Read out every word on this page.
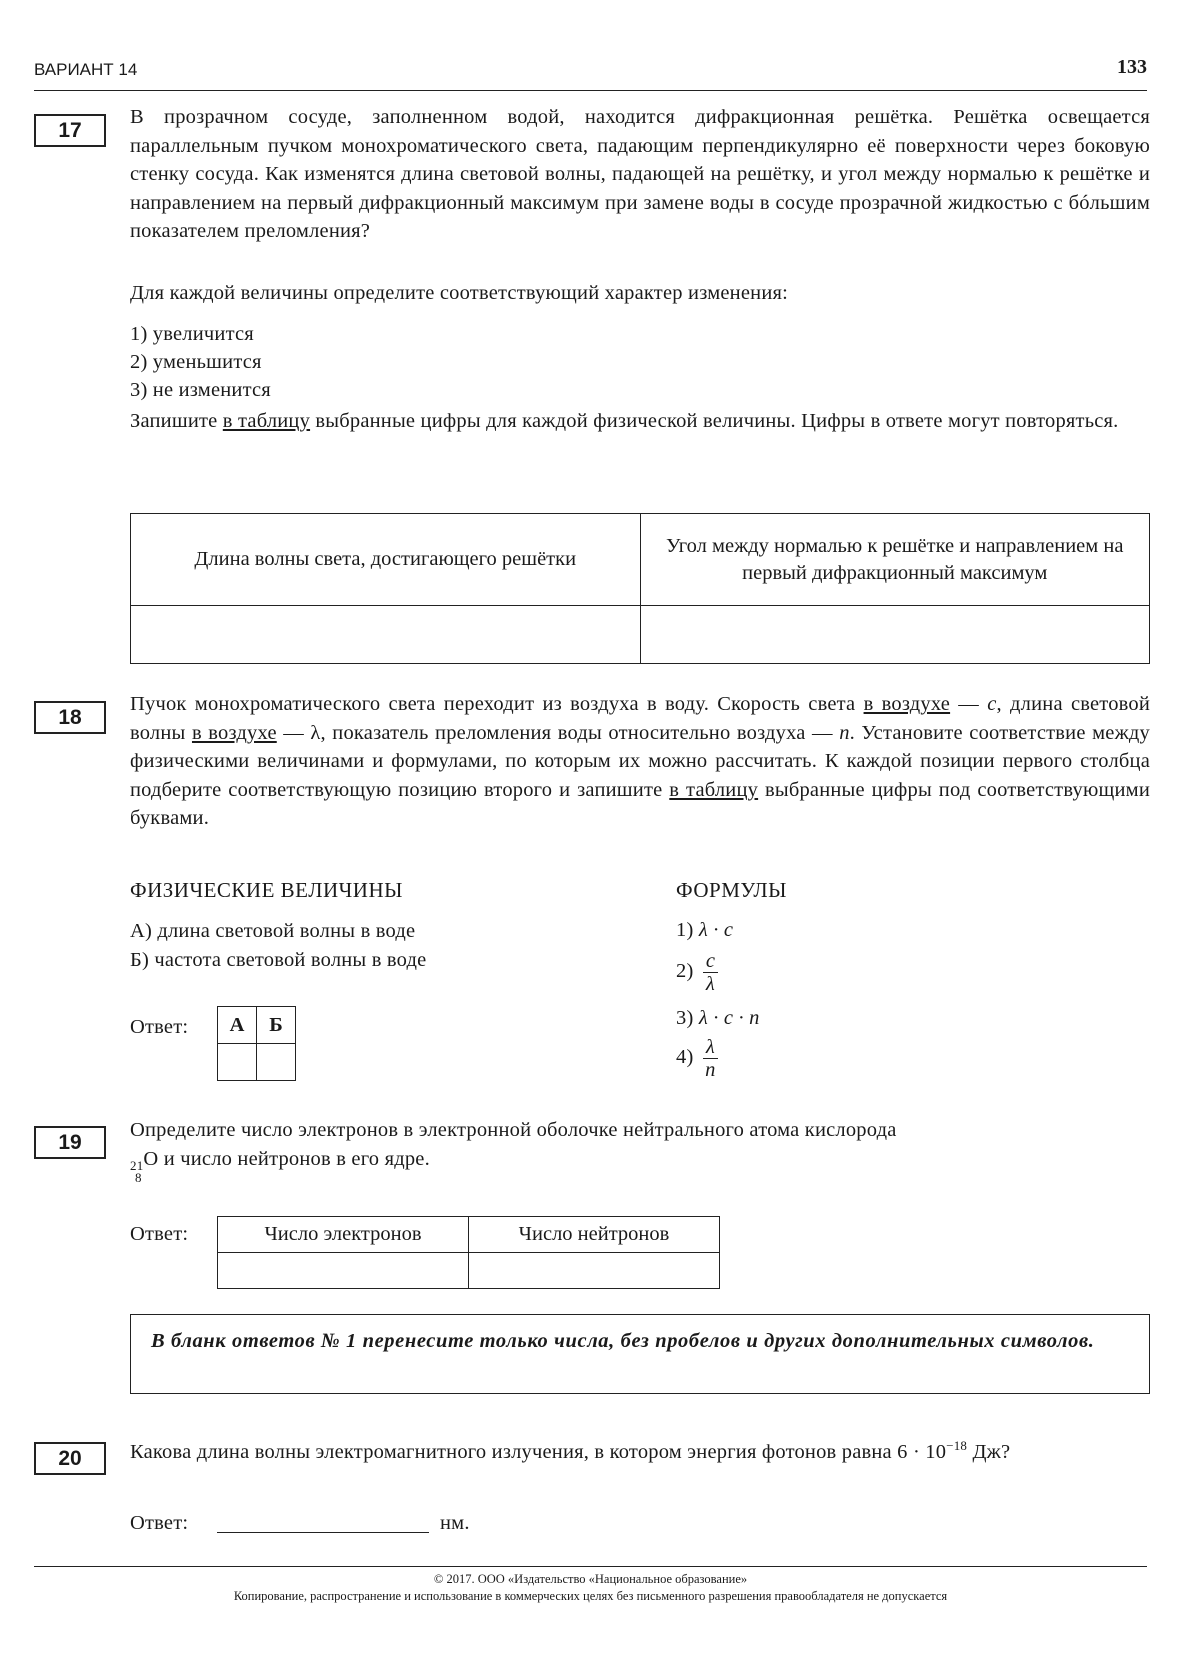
ВАРИАНТ 14	133
17
В прозрачном сосуде, заполненном водой, находится дифракционная решётка. Решётка освещается параллельным пучком монохроматического света, падающим перпендикулярно её поверхности через боковую стенку сосуда. Как изменятся длина световой волны, падающей на решётку, и угол между нормалью к решётке и направлением на первый дифракционный максимум при замене воды в сосуде прозрачной жидкостью с бóльшим показателем преломления?
Для каждой величины определите соответствующий характер изменения:
1) увеличится
2) уменьшится
3) не изменится
Запишите в таблицу выбранные цифры для каждой физической величины. Цифры в ответе могут повторяться.
Длина волны света, достигающего решётки	Угол между нормалью к решётке и направлением на первый дифракционный максимум

18
Пучок монохроматического света переходит из воздуха в воду. Скорость света в воздухе — c, длина световой волны в воздухе — λ, показатель преломления воды относительно воздуха — n. Установите соответствие между физическими величинами и формулами, по которым их можно рассчитать. К каждой позиции первого столбца подберите соответствующую позицию второго и запишите в таблицу выбранные цифры под соответствующими буквами.
ФИЗИЧЕСКИЕ ВЕЛИЧИНЫ	ФОРМУЛЫ
А) длина световой волны в воде
Б) частота световой волны в воде
1) λ · c
$2) \frac{c}{\lambda}$
3) λ · c · n
$4) \frac{\lambda}{n}$
Ответ: А	Б

19
Определите число электронов в электронной оболочке нейтрального атома кислорода

21
8
O и число нейтронов в его ядре.
Ответ:	Число электронов	Число нейтронов

В бланк ответов № 1 перенесите только числа, без пробелов и других дополнительных символов.
20	Какова длина волны электромагнитного излучения, в котором энергия фотонов равна $6 \cdot 10^{-18}$ Дж?
Ответ:	нм.
© 2017. ООО «Издательство «Национальное образование»
Копирование, распространение и использование в коммерческих целях без письменного разрешения правообладателя не допускается
